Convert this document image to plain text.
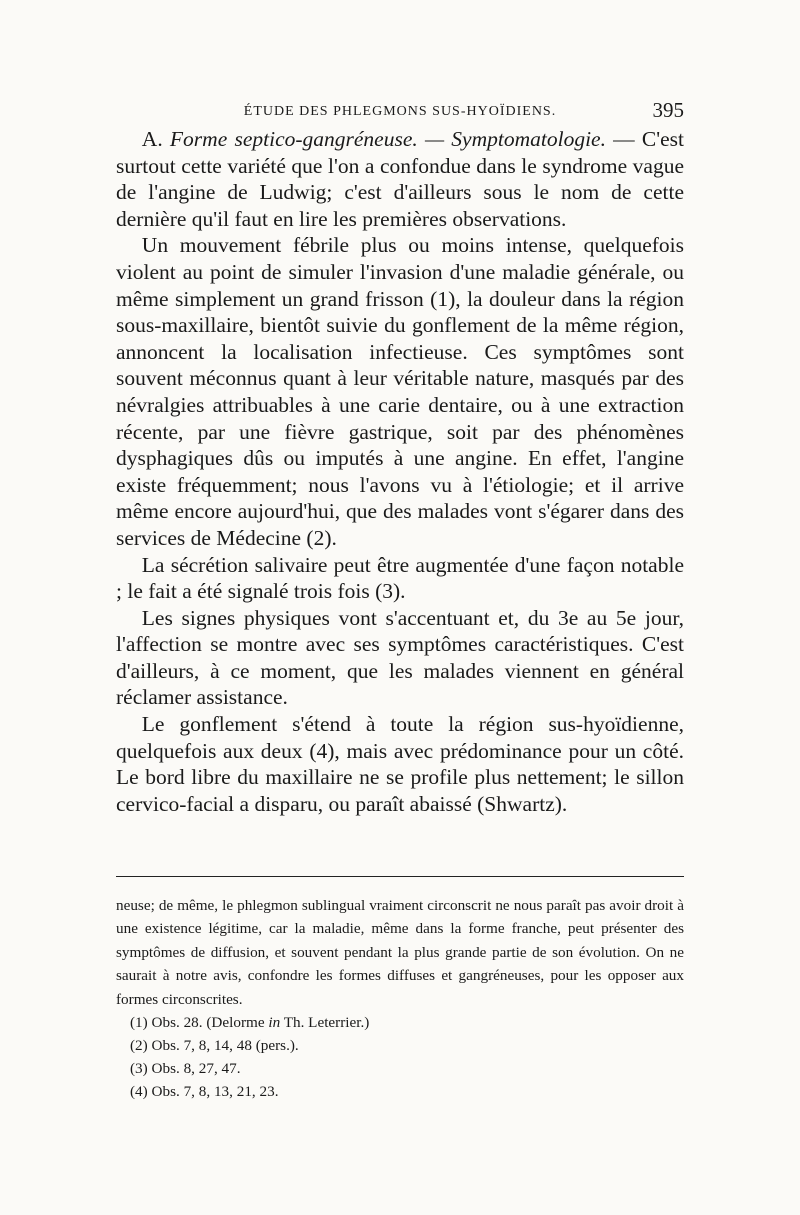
ÉTUDE DES PHLEGMONS SUS-HYOÏDIENS.	395

A. Forme septico-gangréneuse. — Symptomatologie. — C'est surtout cette variété que l'on a confondue dans le syndrome vague de l'angine de Ludwig; c'est d'ailleurs sous le nom de cette dernière qu'il faut en lire les premières observations.

Un mouvement fébrile plus ou moins intense, quelquefois violent au point de simuler l'invasion d'une maladie générale, ou même simplement un grand frisson (1), la douleur dans la région sous-maxillaire, bientôt suivie du gonflement de la même région, annoncent la localisation infectieuse. Ces symptômes sont souvent méconnus quant à leur véritable nature, masqués par des névralgies attribuables à une carie dentaire, ou à une extraction récente, par une fièvre gastrique, soit par des phénomènes dysphagiques dûs ou imputés à une angine. En effet, l'angine existe fréquemment; nous l'avons vu à l'étiologie; et il arrive même encore aujourd'hui, que des malades vont s'égarer dans des services de Médecine (2).

La sécrétion salivaire peut être augmentée d'une façon notable ; le fait a été signalé trois fois (3).

Les signes physiques vont s'accentuant et, du 3e au 5e jour, l'affection se montre avec ses symptômes caractéristiques. C'est d'ailleurs, à ce moment, que les malades viennent en général réclamer assistance.

Le gonflement s'étend à toute la région sus-hyoïdienne, quelquefois aux deux (4), mais avec prédominance pour un côté. Le bord libre du maxillaire ne se profile plus nettement; le sillon cervico-facial a disparu, ou paraît abaissé (Shwartz).

neuse; de même, le phlegmon sublingual vraiment circonscrit ne nous paraît pas avoir droit à une existence légitime, car la maladie, même dans la forme franche, peut présenter des symptômes de diffusion, et souvent pendant la plus grande partie de son évolution. On ne saurait à notre avis, confondre les formes diffuses et gangréneuses, pour les opposer aux formes circonscrites.

(1) Obs. 28. (Delorme in Th. Leterrier.)

(2) Obs. 7, 8, 14, 48 (pers.).

(3) Obs. 8, 27, 47.

(4) Obs. 7, 8, 13, 21, 23.
